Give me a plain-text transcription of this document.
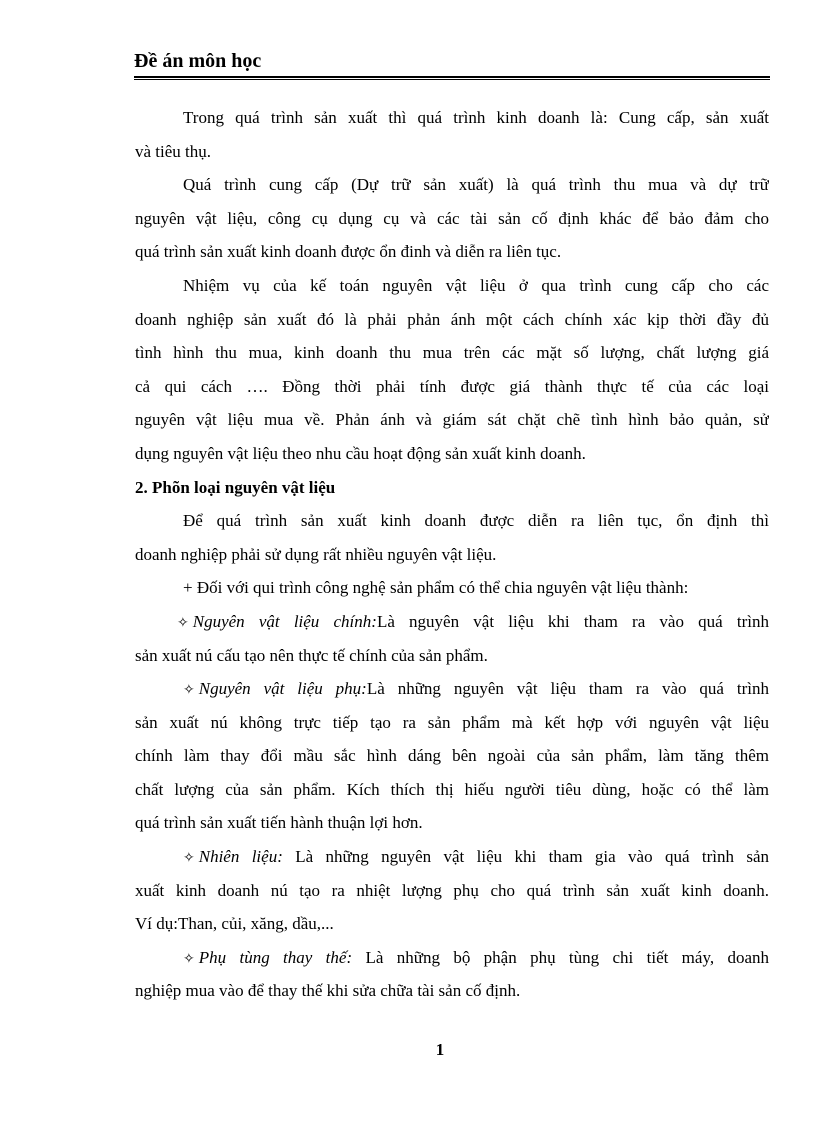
Đề án môn học
Trong quá trình sản xuất thì quá trình kinh doanh là: Cung cấp, sản xuất
và tiêu thụ.
Quá trình cung cấp (Dự trữ sản xuất) là quá trình thu mua và dự trữ
nguyên vật liệu, công cụ dụng cụ và các tài sản cố định khác để bảo đảm cho
quá trình sản xuất kinh doanh được ổn đinh và diễn ra liên tục.
Nhiệm vụ của kế toán nguyên vật liệu ở qua trình cung cấp cho các
doanh nghiệp sản xuất đó là phải phản ánh một cách chính xác kịp thời đầy đủ
tình hình thu mua, kinh doanh thu mua trên các mặt số lượng, chất lượng giá
cả qui cách …. Đồng thời phải tính được giá thành thực tế của các loại
nguyên vật liệu mua về. Phản ánh và giám sát chặt chẽ tình hình bảo quản, sử
dụng nguyên vật liệu theo nhu cầu hoạt động sản xuất kinh doanh.
2. Phõn loại nguyên vật liệu
Để quá trình sản xuất kinh doanh được diễn ra liên tục, ổn định thì
doanh nghiệp phải sử dụng rất nhiều nguyên vật liệu.
+ Đối với qui trình công nghệ sản phẩm có thể chia nguyên vật liệu thành:
✧ Nguyên vật liệu chính:Là nguyên vật liệu khi tham ra vào quá trình
sản xuất nú cấu tạo nên thực tế chính của sản phẩm.
✧ Nguyên vật liệu phụ:Là những nguyên vật liệu tham ra vào quá trình
sản xuất nú không trực tiếp tạo ra sản phẩm mà kết hợp với nguyên vật liệu
chính làm thay đổi mầu sắc hình dáng bên ngoài của sản phẩm, làm tăng thêm
chất lượng của sản phẩm. Kích thích thị hiếu người tiêu dùng, hoặc có thể làm
quá trình sản xuất tiến hành thuận lợi hơn.
✧ Nhiên liệu: Là những nguyên vật liệu khi tham gia vào quá trình sản
xuất kinh doanh nú tạo ra nhiệt lượng phụ cho quá trình sản xuất kinh doanh.
Ví dụ:Than, củi, xăng, dầu,...
✧ Phụ tùng thay thế: Là những bộ phận phụ tùng chi tiết máy, doanh
nghiệp mua vào để thay thế khi sửa chữa tài sản cố định.
1
